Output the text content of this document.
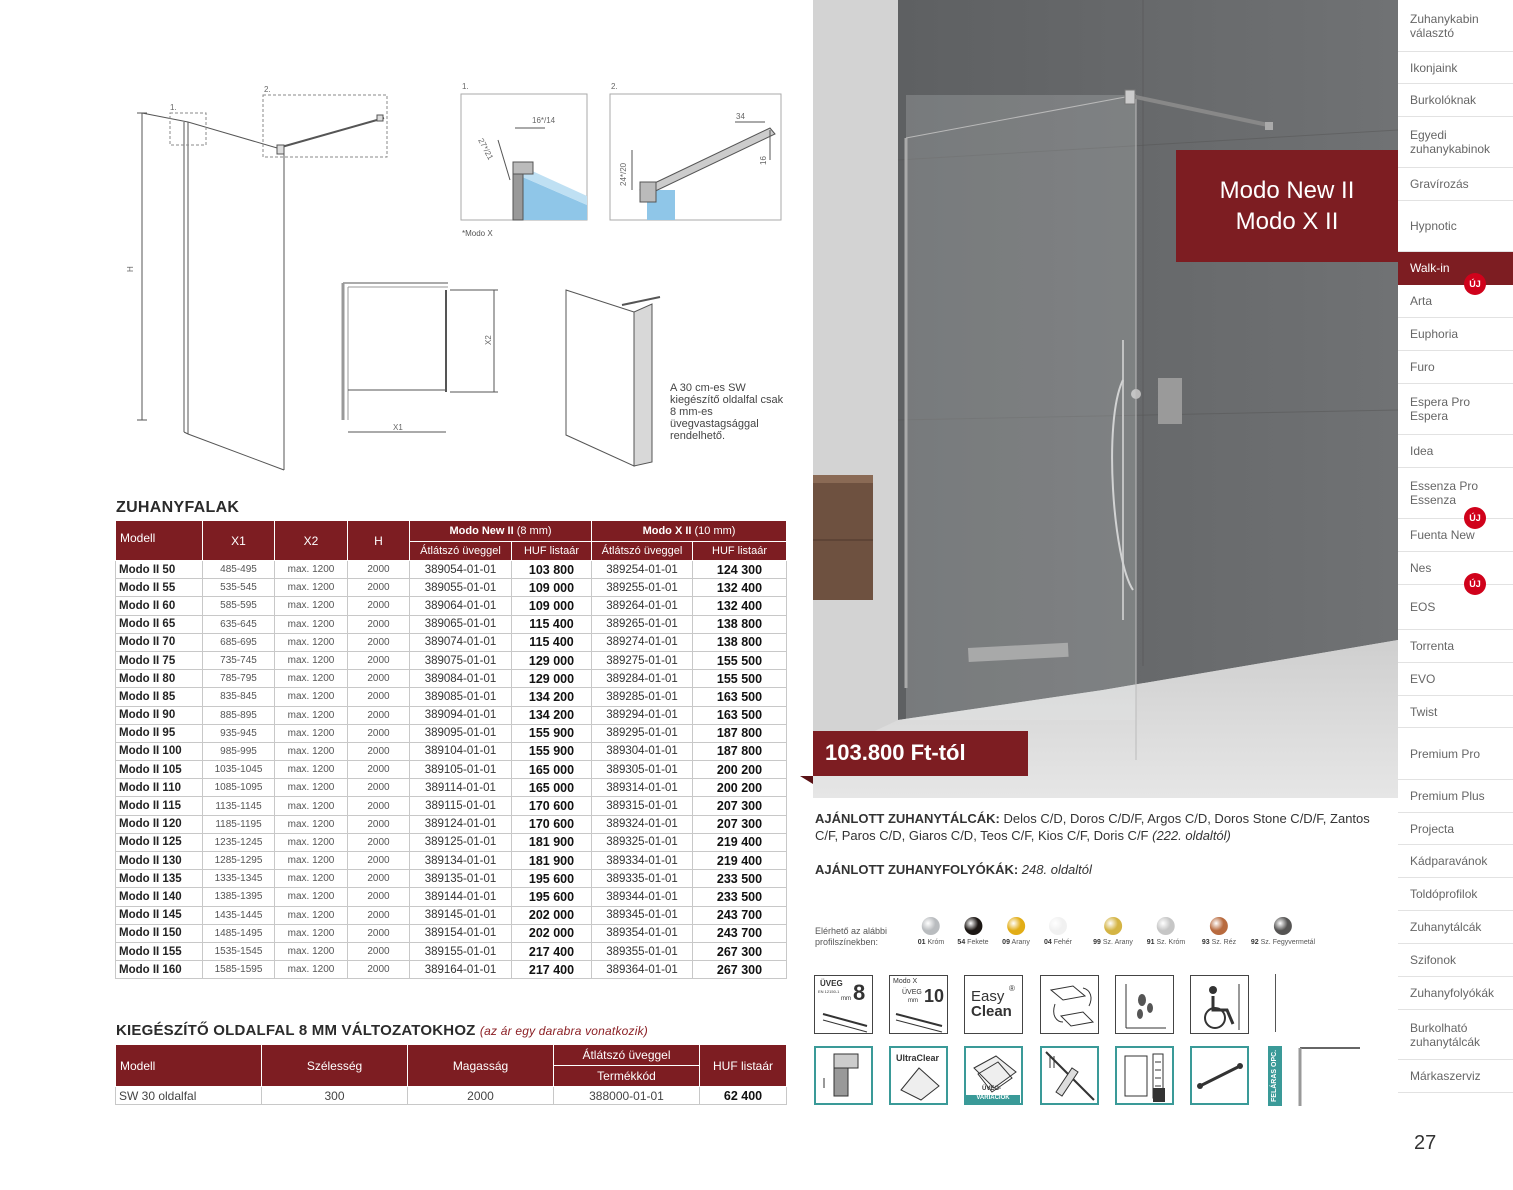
1.
2.
H
1.
16*/14
27*/21
2.
34
16
24*/20
X1
X2
*Modo X
A 30 cm-es SW kiegészítő oldalfal csak 8 mm-es üvegvastagsággal rendelhető.
ZUHANYFALAK
Modell	X1	X2	H	Modo New II (8 mm)		Modo X II (10 mm)	
				Átlátszó üveggel	HUF listaár	Átlátszó üveggel	HUF listaár
Modo II 50	485-495	max. 1200	2000	389054-01-01	103 800	389254-01-01	124 300
Modo II 55	535-545	max. 1200	2000	389055-01-01	109 000	389255-01-01	132 400
Modo II 60	585-595	max. 1200	2000	389064-01-01	109 000	389264-01-01	132 400
Modo II 65	635-645	max. 1200	2000	389065-01-01	115 400	389265-01-01	138 800
Modo II 70	685-695	max. 1200	2000	389074-01-01	115 400	389274-01-01	138 800
Modo II 75	735-745	max. 1200	2000	389075-01-01	129 000	389275-01-01	155 500
Modo II 80	785-795	max. 1200	2000	389084-01-01	129 000	389284-01-01	155 500
Modo II 85	835-845	max. 1200	2000	389085-01-01	134 200	389285-01-01	163 500
Modo II 90	885-895	max. 1200	2000	389094-01-01	134 200	389294-01-01	163 500
Modo II 95	935-945	max. 1200	2000	389095-01-01	155 900	389295-01-01	187 800
Modo II 100	985-995	max. 1200	2000	389104-01-01	155 900	389304-01-01	187 800
Modo II 105	1035-1045	max. 1200	2000	389105-01-01	165 000	389305-01-01	200 200
Modo II 110	1085-1095	max. 1200	2000	389114-01-01	165 000	389314-01-01	200 200
Modo II 115	1135-1145	max. 1200	2000	389115-01-01	170 600	389315-01-01	207 300
Modo II 120	1185-1195	max. 1200	2000	389124-01-01	170 600	389324-01-01	207 300
Modo II 125	1235-1245	max. 1200	2000	389125-01-01	181 900	389325-01-01	219 400
Modo II 130	1285-1295	max. 1200	2000	389134-01-01	181 900	389334-01-01	219 400
Modo II 135	1335-1345	max. 1200	2000	389135-01-01	195 600	389335-01-01	233 500
Modo II 140	1385-1395	max. 1200	2000	389144-01-01	195 600	389344-01-01	233 500
Modo II 145	1435-1445	max. 1200	2000	389145-01-01	202 000	389345-01-01	243 700
Modo II 150	1485-1495	max. 1200	2000	389154-01-01	202 000	389354-01-01	243 700
Modo II 155	1535-1545	max. 1200	2000	389155-01-01	217 400	389355-01-01	267 300
Modo II 160	1585-1595	max. 1200	2000	389164-01-01	217 400	389364-01-01	267 300
KIEGÉSZÍTŐ OLDALFAL 8 MM VÁLTOZATOKHOZ (az ár egy darabra vonatkozik)
Modell	Szélesség	Magasság	Átlátszó üveggel	HUF listaár
			Termékkód	
SW 30 oldalfal	300	2000	388000-01-01	62 400
Modo New II
Modo X II
103.800 Ft-tól
AJÁNLOTT ZUHANYTÁLCÁK: Delos C/D, Doros C/D/F, Argos C/D, Doros Stone C/D/F, Zantos C/F, Paros C/D, Giaros C/D, Teos C/F, Kios C/F, Doris C/F (222. oldaltól)
AJÁNLOTT ZUHANYFOLYÓKÁK: 248. oldaltól
Elérhető az alábbi profilszínekben:	01 Króm 54 Fekete 09 Arany 04 Fehér	99 Sz. Arany 91 Sz. Króm 93 Sz. Réz 92 Sz. Fegyvermetál
ÜVEG
EN 12150-1
mm 8	Modo X
ÜVEG
mm 10 Easy
Clean
®
UltraClear
ÜVEG-
VARIÁCIÓK	FELÁRAS OPC.
Zuhanykabin választó
Ikonjaink
Burkolóknak
Egyedi zuhanykabinok
Gravírozás
Hypnotic
Walk-in
ÚJ
Arta
Euphoria
Furo
Espera Pro Espera
Idea
Essenza Pro Essenza
ÚJ
Fuenta New
Nes
ÚJ
EOS
Torrenta
EVO
Twist
Premium Pro
Premium Plus
Projecta
Kádparavánok
Toldóprofilok
Zuhanytálcák
Szifonok
Zuhanyfolyókák
Burkolható zuhanytálcák
Márkaszerviz
27
